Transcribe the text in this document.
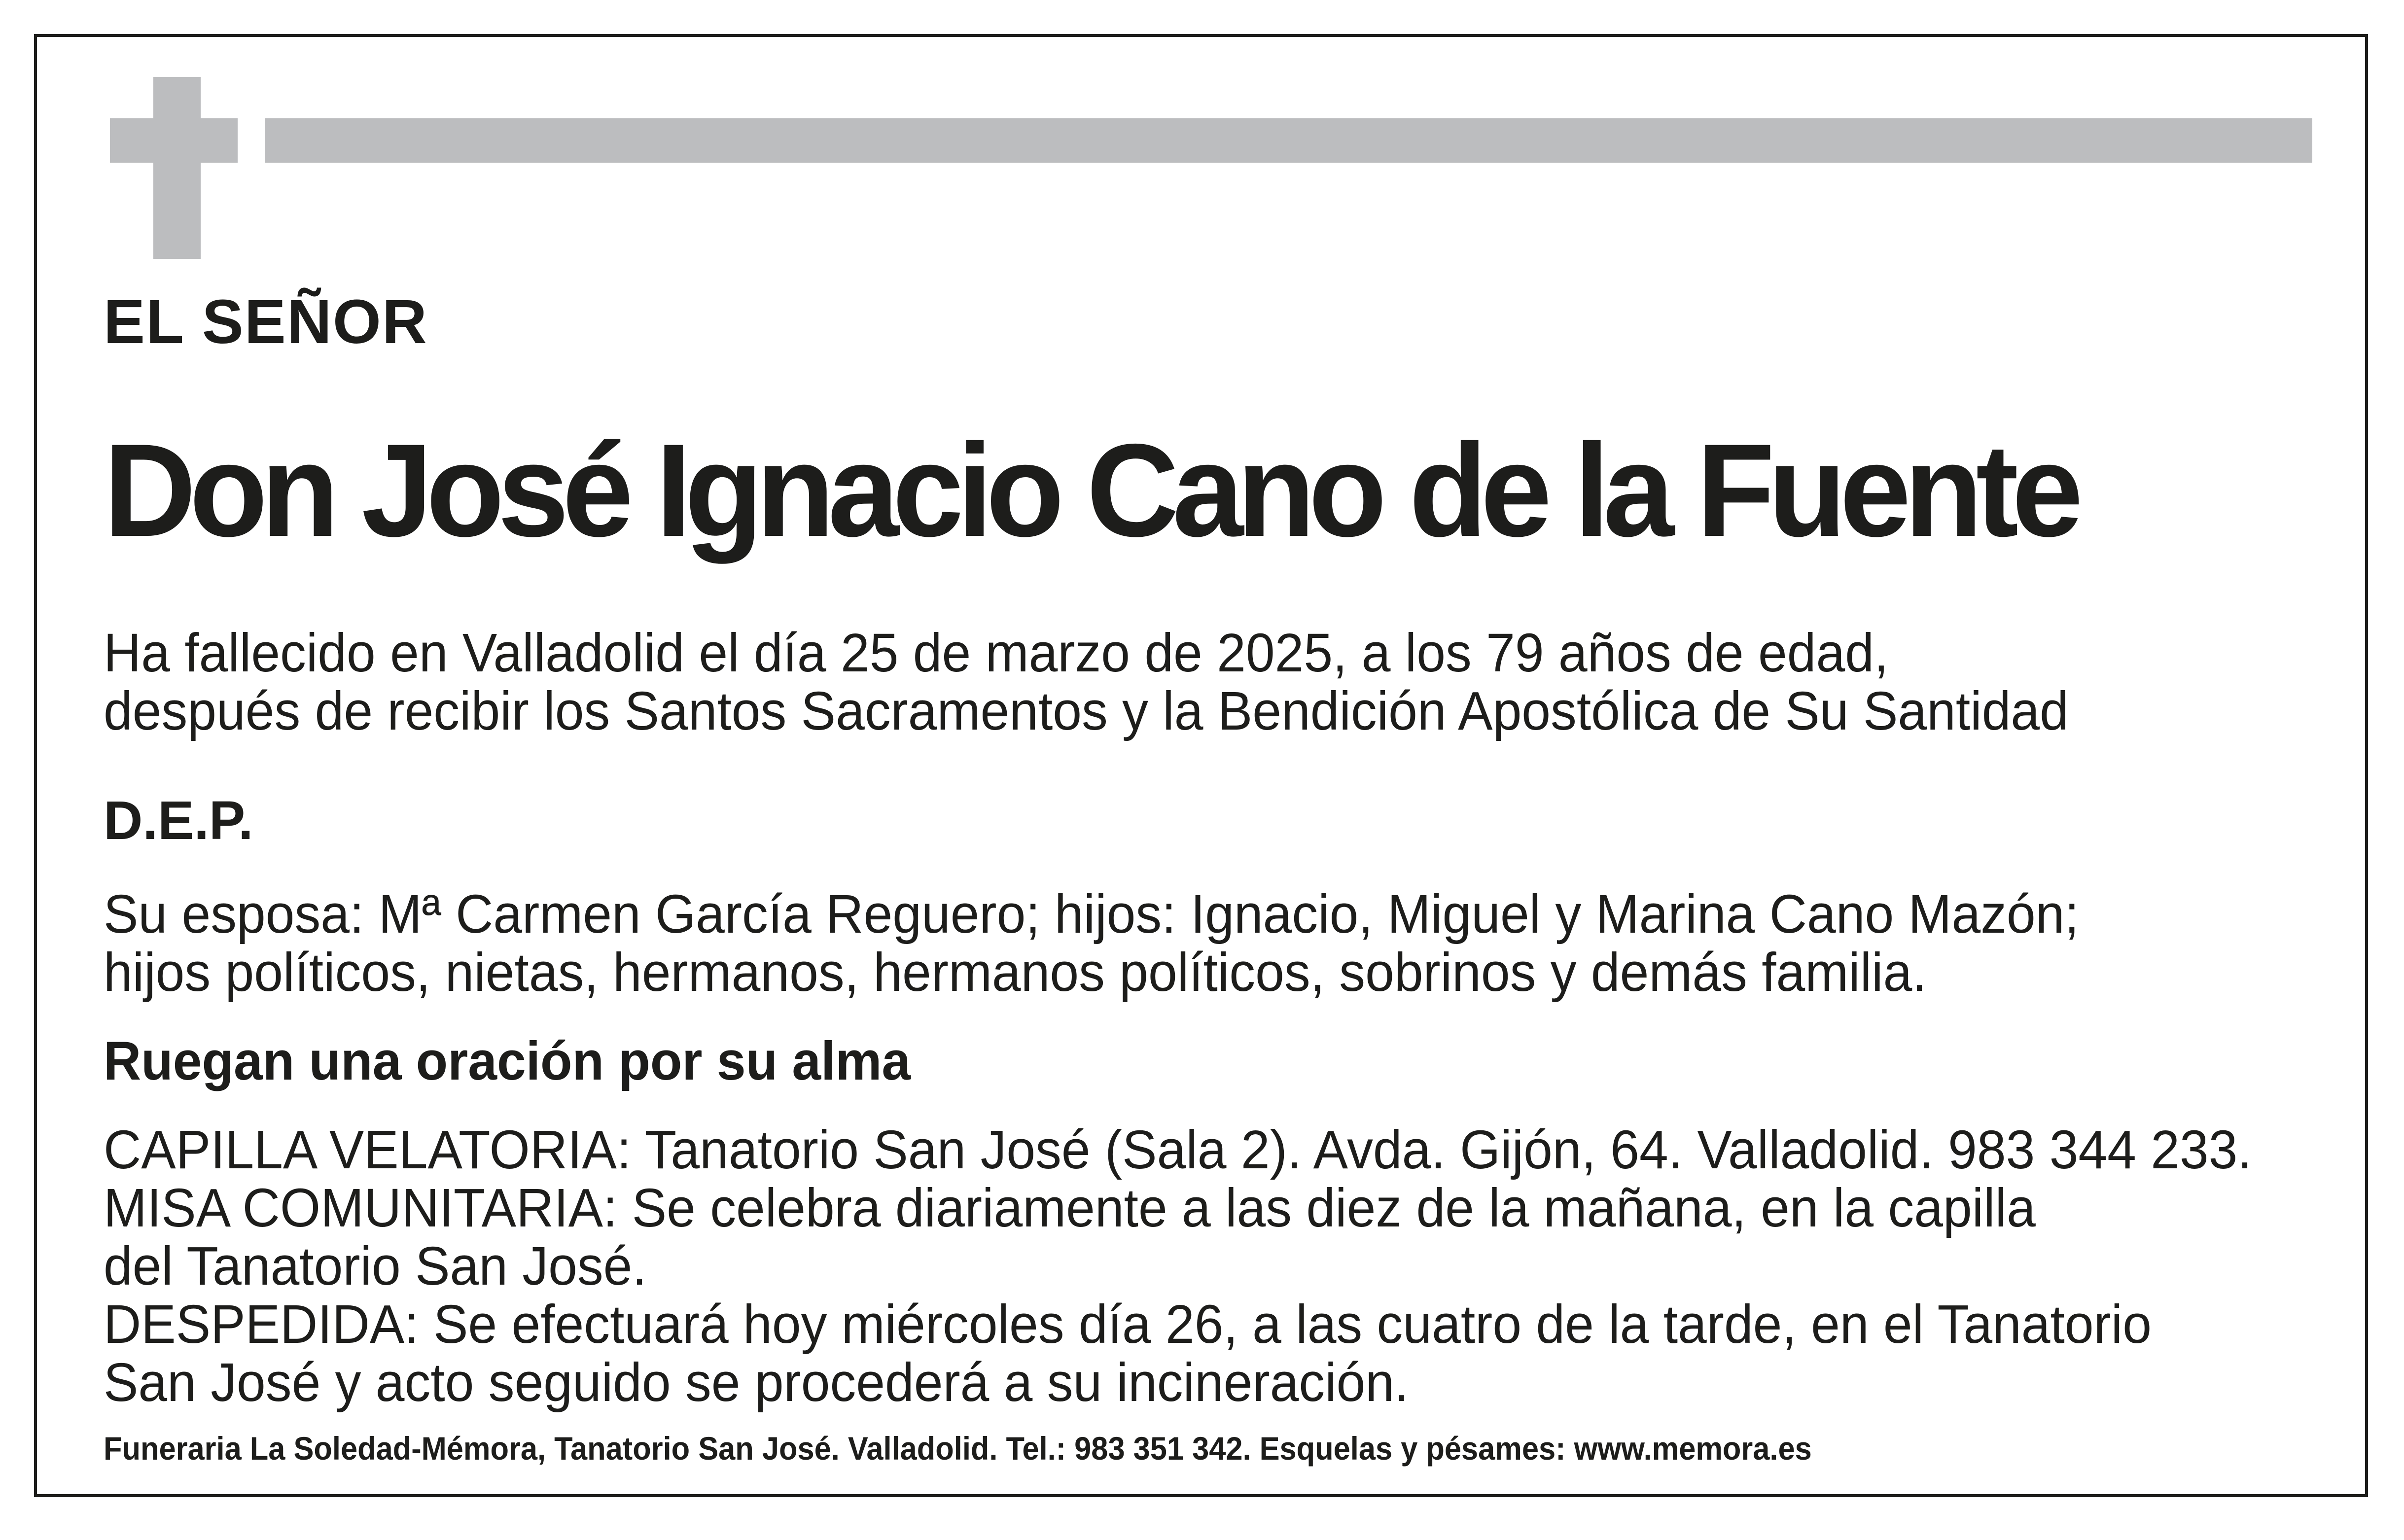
EL SEÑOR

Don José Ignacio Cano de la Fuente

Ha fallecido en Valladolid el día 25 de marzo de 2025, a los 79 años de edad,

después de recibir los Santos Sacramentos y la Bendición Apostólica de Su Santidad

D.E.P.

Su esposa: Mª Carmen García Reguero; hijos: Ignacio, Miguel y Marina Cano Mazón;

hijos políticos, nietas, hermanos, hermanos políticos, sobrinos y demás familia.

Ruegan una oración por su alma

CAPILLA VELATORIA: Tanatorio San José (Sala 2). Avda. Gijón, 64. Valladolid. 983 344 233.

MISA COMUNITARIA: Se celebra diariamente a las diez de la mañana, en la capilla

del Tanatorio San José.

DESPEDIDA: Se efectuará hoy miércoles día 26, a las cuatro de la tarde, en el Tanatorio

San José y acto seguido se procederá a su incineración.

Funeraria La Soledad-Mémora, Tanatorio San José. Valladolid. Tel.: 983 351 342. Esquelas y pésames: www.memora.es
